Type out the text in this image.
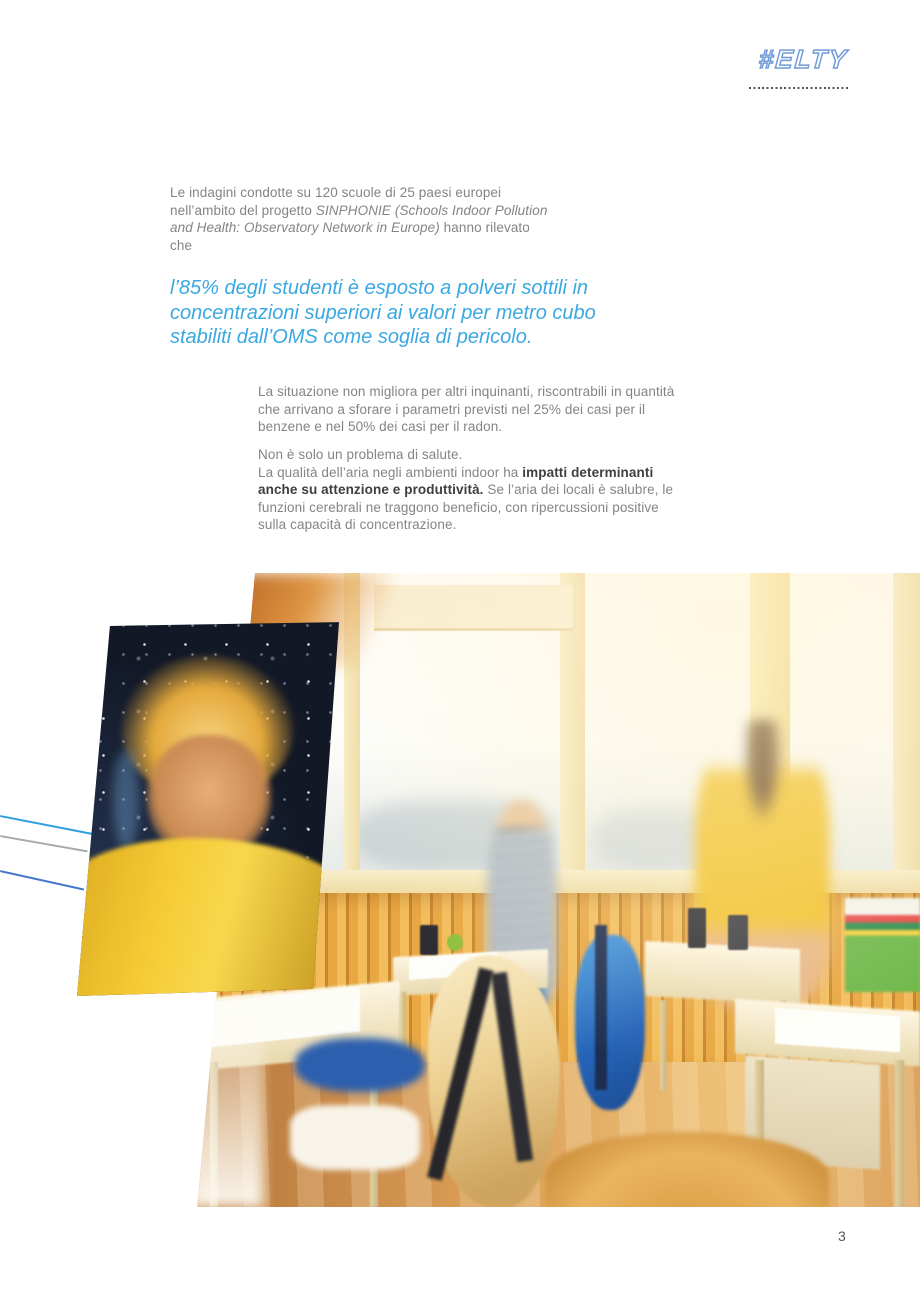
#ELTY

Le indagini condotte su 120 scuole di 25 paesi europei nell’ambito del progetto SINPHONIE (Schools Indoor Pollution and Health: Observatory Network in Europe) hanno rilevato che

l’85% degli studenti è esposto a polveri sottili in concentrazioni superiori ai valori per metro cubo stabiliti dall’OMS come soglia di pericolo.

La situazione non migliora per altri inquinanti, riscontrabili in quantità che arrivano a sforare i parametri previsti nel 25% dei casi per il benzene e nel 50% dei casi per il radon.

Non è solo un problema di salute.
La qualità dell’aria negli ambienti indoor ha impatti determinanti anche su attenzione e produttività. Se l’aria dei locali è salubre, le funzioni cerebrali ne traggono beneficio, con ripercussioni positive sulla capacità di concentrazione.

3
